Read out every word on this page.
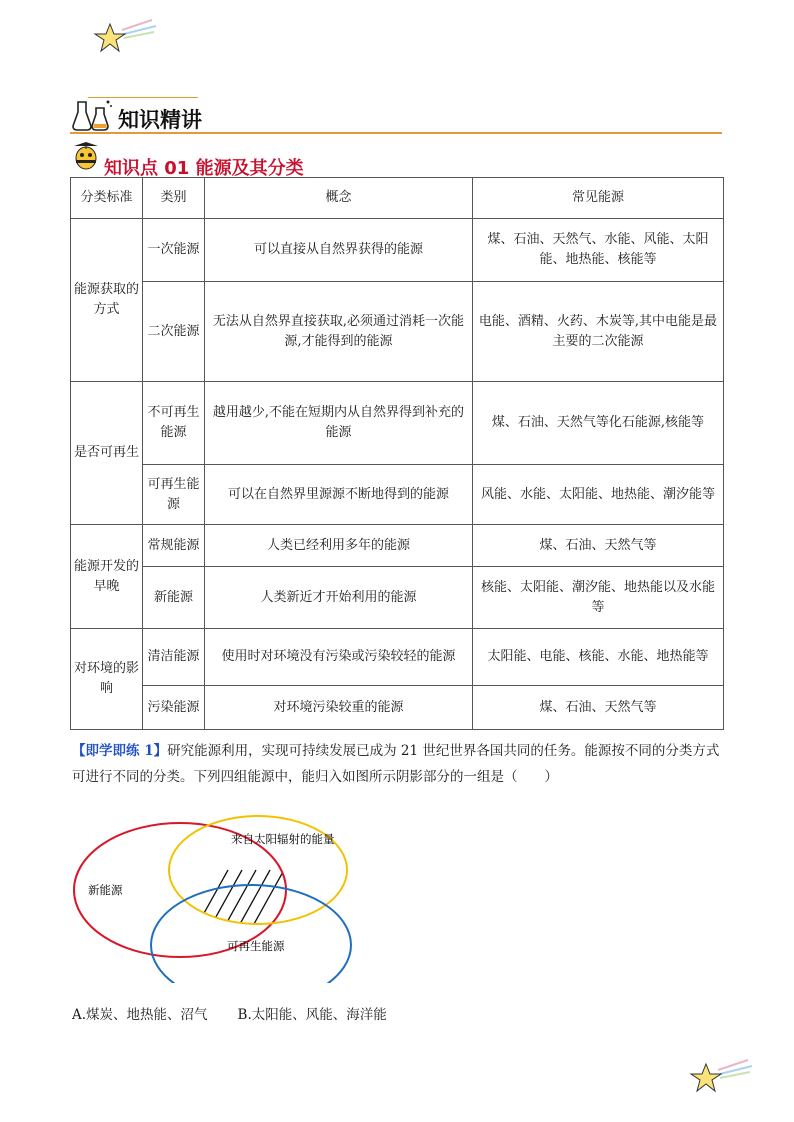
知识精讲
知识点 01 能源及其分类
分类标准	类别	概念	常见能源
能源获取的方式	一次能源	可以直接从自然界获得的能源	煤、石油、天然气、水能、风能、太阳能、地热能、核能等
	二次能源	无法从自然界直接获取,必须通过消耗一次能源,才能得到的能源	电能、酒精、火药、木炭等,其中电能是最主要的二次能源
是否可再生	不可再生能源	越用越少,不能在短期内从自然界得到补充的能源	煤、石油、天然气等化石能源,核能等
	可再生能源	可以在自然界里源源不断地得到的能源	风能、水能、太阳能、地热能、潮汐能等
能源开发的早晚	常规能源	人类已经利用多年的能源	煤、石油、天然气等
	新能源	人类新近才开始利用的能源	核能、太阳能、潮汐能、地热能以及水能等
对环境的影响	清洁能源	使用时对环境没有污染或污染较轻的能源	太阳能、电能、核能、水能、地热能等
	污染能源	对环境污染较重的能源	煤、石油、天然气等
【即学即练 1】研究能源利用，实现可持续发展已成为 21 世纪世界各国共同的任务。能源按不同的分类方式可进行不同的分类。下列四组能源中，能归入如图所示阴影部分的一组是（　　）
来自太阳辐射的能量
新能源
可再生能源
A.煤炭、地热能、沼气 B.太阳能、风能、海洋能
